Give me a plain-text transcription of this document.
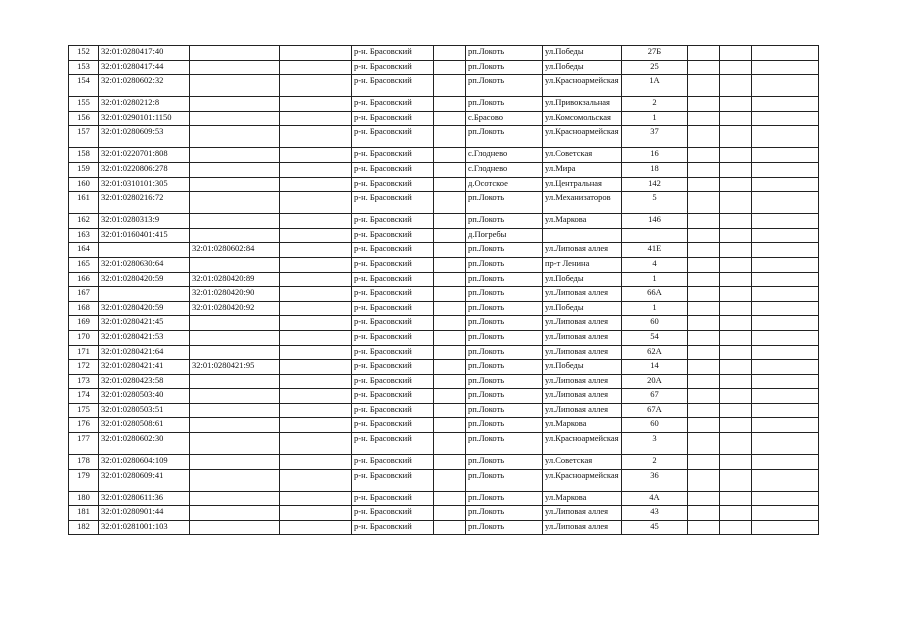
152	32:01:0280417:40			р-н. Брасовский		рп.Локоть	ул.Победы	27Б			
153	32:01:0280417:44			р-н. Брасовский		рп.Локоть	ул.Победы	25			
154	32:01:0280602:32			р-н. Брасовский		рп.Локоть	ул.Красноармейская	1А			
155	32:01:0280212:8			р-н. Брасовский		рп.Локоть	ул.Привокзальная	2			
156	32:01:0290101:1150			р-н. Брасовский		с.Брасово	ул.Комсомольская	1			
157	32:01:0280609:53			р-н. Брасовский		рп.Локоть	ул.Красноармейская	37			
158	32:01:0220701:808			р-н. Брасовский		с.Глоднево	ул.Советская	16			
159	32:01:0220806:278			р-н. Брасовский		с.Глоднево	ул.Мира	18			
160	32:01:0310101:305			р-н. Брасовский		д.Осотское	ул.Центральная	142			
161	32:01:0280216:72			р-н. Брасовский		рп.Локоть	ул.Механизаторов	5			
162	32:01:0280313:9			р-н. Брасовский		рп.Локоть	ул.Маркова	146			
163	32:01:0160401:415			р-н. Брасовский		д.Погребы					
164		32:01:0280602:84		р-н. Брасовский		рп.Локоть	ул.Липовая аллея	41Е			
165	32:01:0280630:64			р-н. Брасовский		рп.Локоть	пр-т Ленина	4			
166	32:01:0280420:59	32:01:0280420:89		р-н. Брасовский		рп.Локоть	ул.Победы	1			
167		32:01:0280420:90		р-н. Брасовский		рп.Локоть	ул.Липовая аллея	66А			
168	32:01:0280420:59	32:01:0280420:92		р-н. Брасовский		рп.Локоть	ул.Победы	1			
169	32:01:0280421:45			р-н. Брасовский		рп.Локоть	ул.Липовая аллея	60			
170	32:01:0280421:53			р-н. Брасовский		рп.Локоть	ул.Липовая аллея	54			
171	32:01:0280421:64			р-н. Брасовский		рп.Локоть	ул.Липовая аллея	62А			
172	32:01:0280421:41	32:01:0280421:95		р-н. Брасовский		рп.Локоть	ул.Победы	14			
173	32:01:0280423:58			р-н. Брасовский		рп.Локоть	ул.Липовая аллея	20А			
174	32:01:0280503:40			р-н. Брасовский		рп.Локоть	ул.Липовая аллея	67			
175	32:01:0280503:51			р-н. Брасовский		рп.Локоть	ул.Липовая аллея	67А			
176	32:01:0280508:61			р-н. Брасовский		рп.Локоть	ул.Маркова	60			
177	32:01:0280602:30			р-н. Брасовский		рп.Локоть	ул.Красноармейская	3			
178	32:01:0280604:109			р-н. Брасовский		рп.Локоть	ул.Советская	2			
179	32:01:0280609:41			р-н. Брасовский		рп.Локоть	ул.Красноармейская	36			
180	32:01:0280611:36			р-н. Брасовский		рп.Локоть	ул.Маркова	4А			
181	32:01:0280901:44			р-н. Брасовский		рп.Локоть	ул.Липовая аллея	43			
182	32:01:0281001:103			р-н. Брасовский		рп.Локоть	ул.Липовая аллея	45			
